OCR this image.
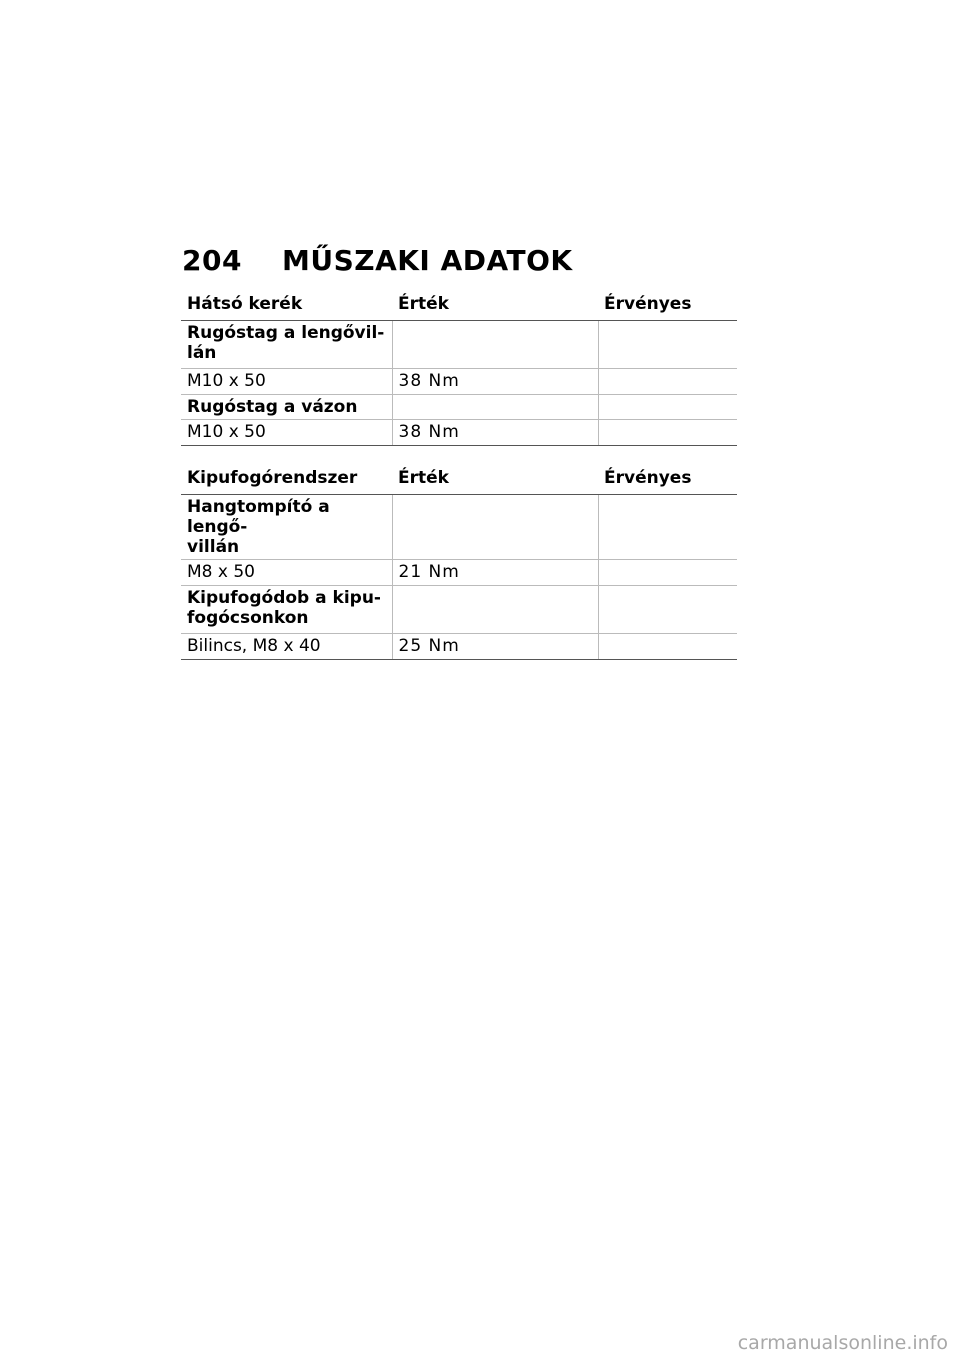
204	MŰSZAKI ADATOK
Hátsó kerék	Érték	Érvényes
Rugóstag a lengővil-
lán		
M10 x 50	38 Nm	
Rugóstag a vázon		
M10 x 50	38 Nm	
Kipufogórendszer	Érték	Érvényes
Hangtompító a lengő-
villán		
M8 x 50	21 Nm	
Kipufogódob a kipu-
fogócsonkon		
Bilincs, M8 x 40	25 Nm	
carmanualsonline.info
